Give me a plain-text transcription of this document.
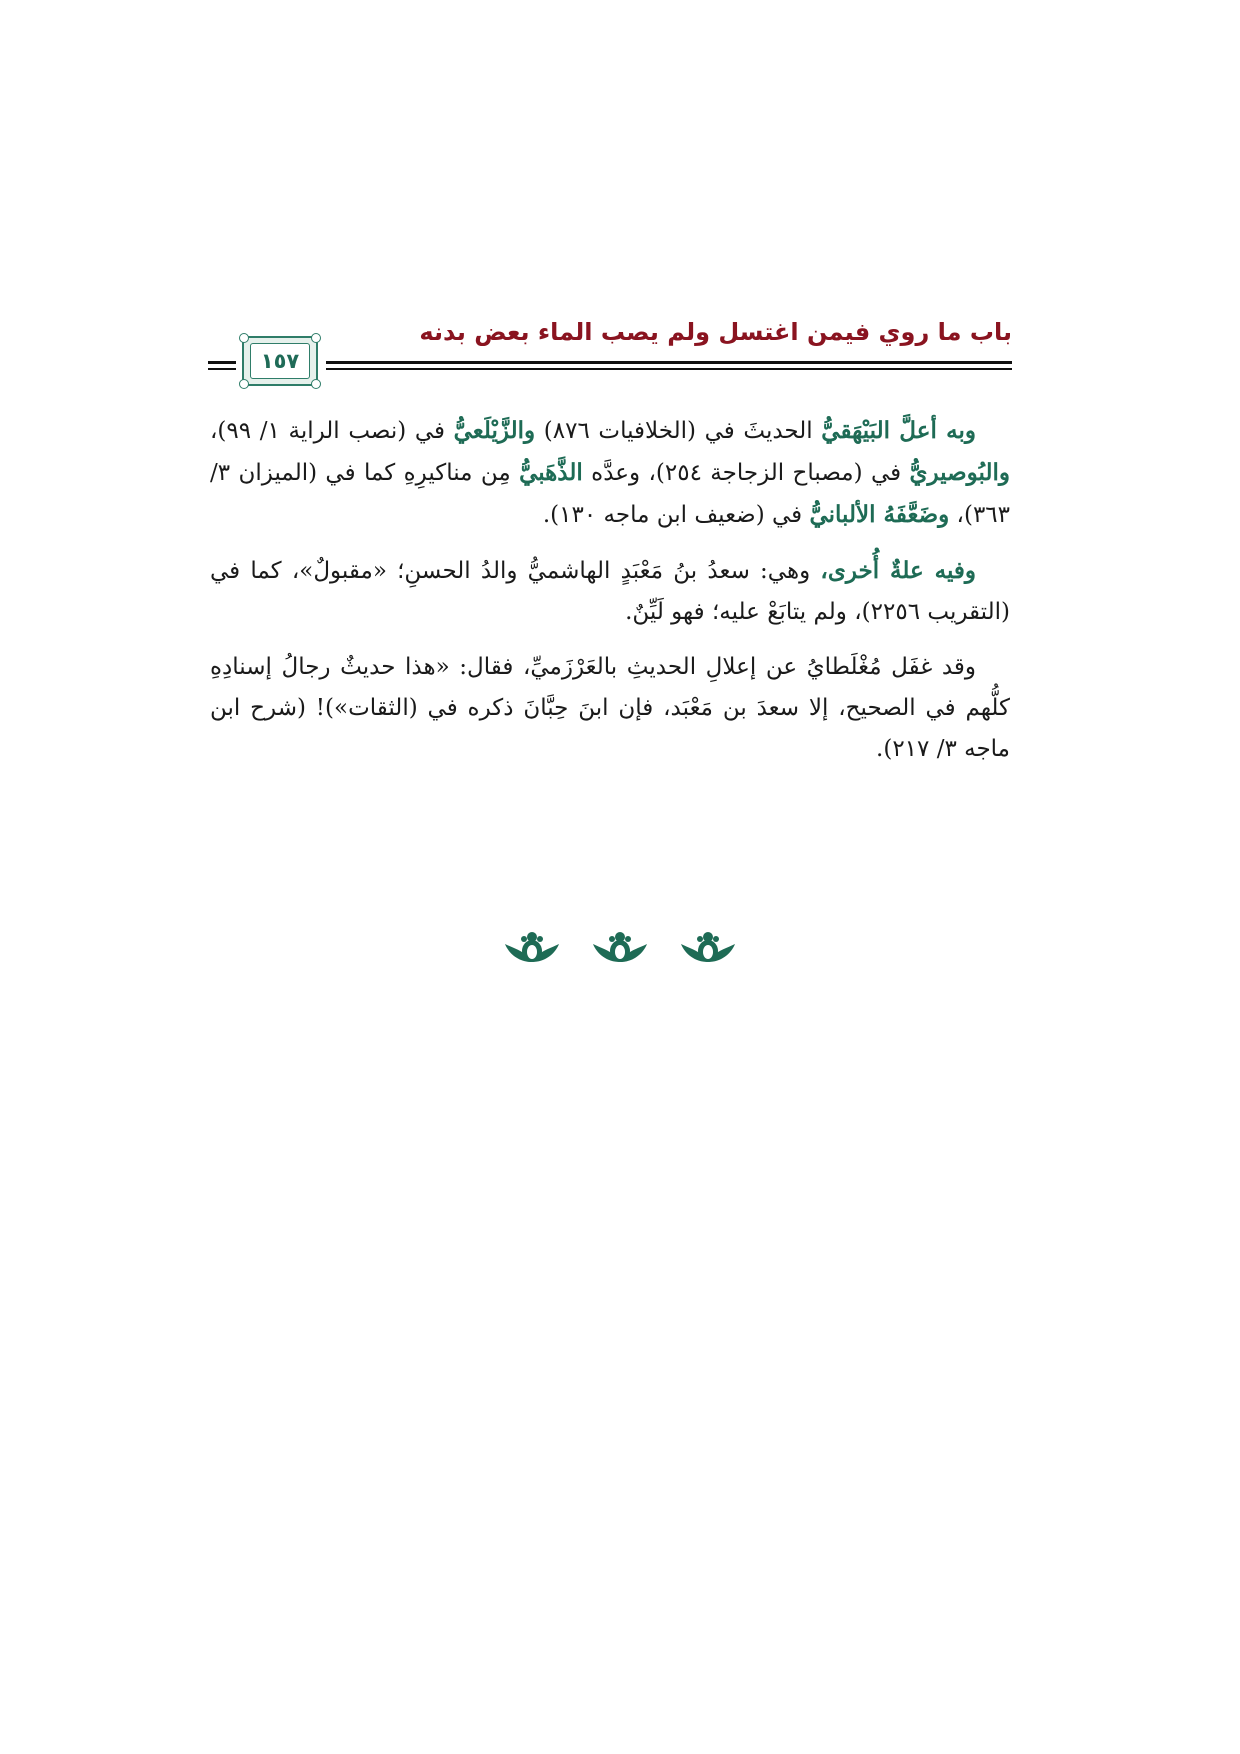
باب ما روي فيمن اغتسل ولم يصب الماء بعض بدنه
١٥٧

وبه أعلَّ البَيْهَقيُّ الحديثَ في (الخلافيات ٨٧٦) والزَّيْلَعيُّ في (نصب الراية ١/ ٩٩)، والبُوصيريُّ في (مصباح الزجاجة ٢٥٤)، وعدَّه الذَّهَبيُّ مِن مناكيرِهِ كما في (الميزان ٣/ ٣٦٣)، وضَعَّفَهُ الألبانيُّ في (ضعيف ابن ماجه ١٣٠).

وفيه علةٌ أُخرى، وهي: سعدُ بنُ مَعْبَدٍ الهاشميُّ والدُ الحسنِ؛ «مقبولٌ»، كما في (التقريب ٢٢٥٦)، ولم يتابَعْ عليه؛ فهو لَيِّنٌ.

وقد غفَل مُغْلَطايُ عن إعلالِ الحديثِ بالعَرْزَميِّ، فقال: «هذا حديثٌ رجالُ إسنادِهِ كلُّهم في الصحيح، إلا سعدَ بن مَعْبَد، فإن ابنَ حِبَّانَ ذكره في (الثقات»)! (شرح ابن ماجه ٣/ ٢١٧).
